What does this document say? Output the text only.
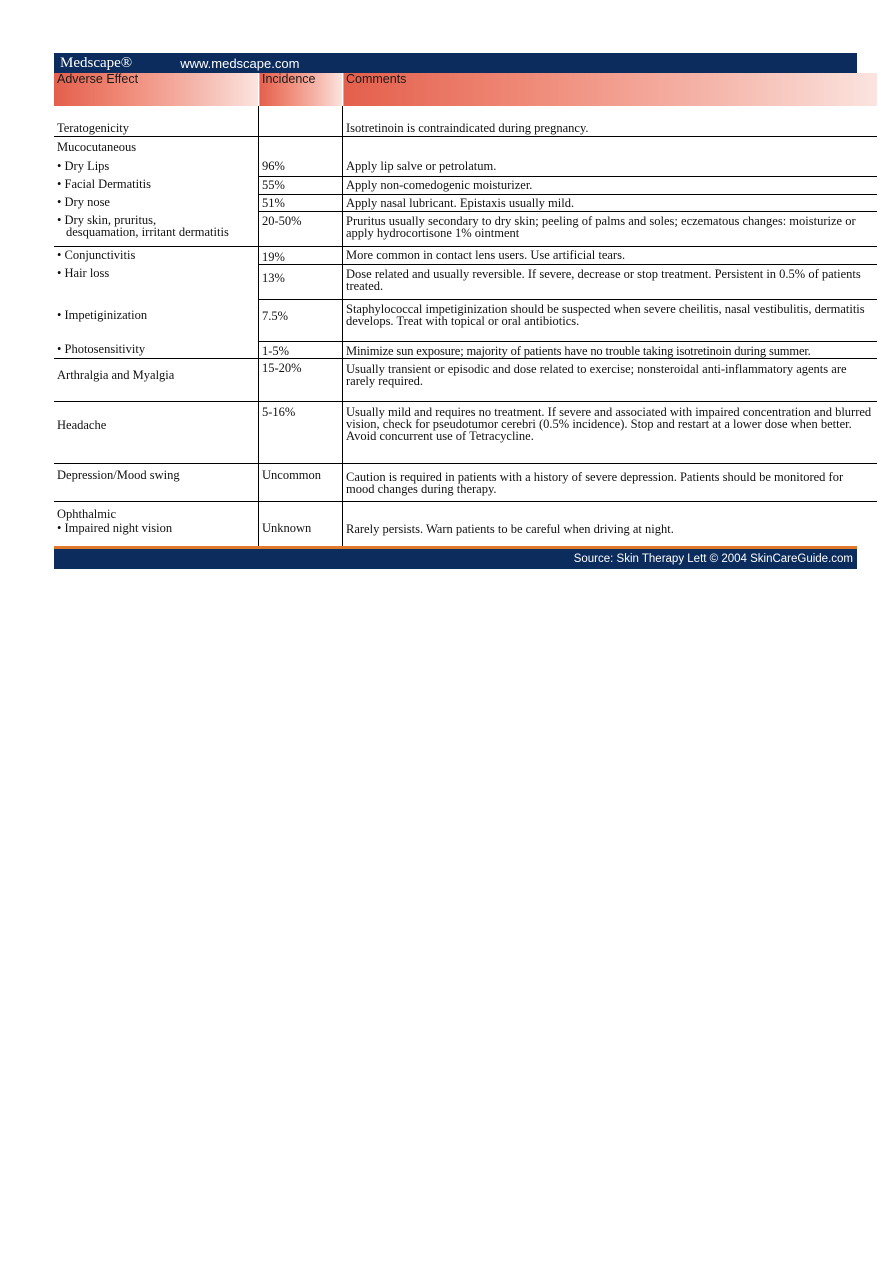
Medscape®	www.medscape.com
Adverse Effect	Incidence	Comments
Teratogenicity		Isotretinoin is contraindicated during pregnancy.
Mucocutaneous		
• Dry Lips	96%	Apply lip salve or petrolatum.
• Facial Dermatitis	55%	Apply non-comedogenic moisturizer.
• Dry nose	51%	Apply nasal lubricant. Epistaxis usually mild.
• Dry skin, pruritus,
desquamation, irritant dermatitis	20-50%	Pruritus usually secondary to dry skin; peeling of palms and soles; eczematous changes: moisturize or apply hydrocortisone 1% ointment
• Conjunctivitis	19%	More common in contact lens users. Use artificial tears.
• Hair loss	13%	Dose related and usually reversible. If severe, decrease or stop treatment. Persistent in 0.5% of patients treated.
• Impetiginization	7.5%	Staphylococcal impetiginization should be suspected when severe cheilitis, nasal vestibulitis, dermatitis develops. Treat with topical or oral antibiotics.
• Photosensitivity	1-5%	Minimize sun exposure; majority of patients have no trouble taking isotretinoin during summer.
Arthralgia and Myalgia	15-20%	Usually transient or episodic and dose related to exercise; nonsteroidal anti-inflammatory agents are rarely required.
Headache	5-16%	Usually mild and requires no treatment. If severe and associated with impaired concentration and blurred vision, check for pseudotumor cerebri (0.5% incidence). Stop and restart at a lower dose when better. Avoid concurrent use of Tetracycline.
Depression/Mood swing	Uncommon	Caution is required in patients with a history of severe depression. Patients should be monitored for mood changes during therapy.

Ophthalmic
• Impaired night vision	Unknown	Rarely persists. Warn patients to be careful when driving at night.
Source: Skin Therapy Lett © 2004 SkinCareGuide.com
